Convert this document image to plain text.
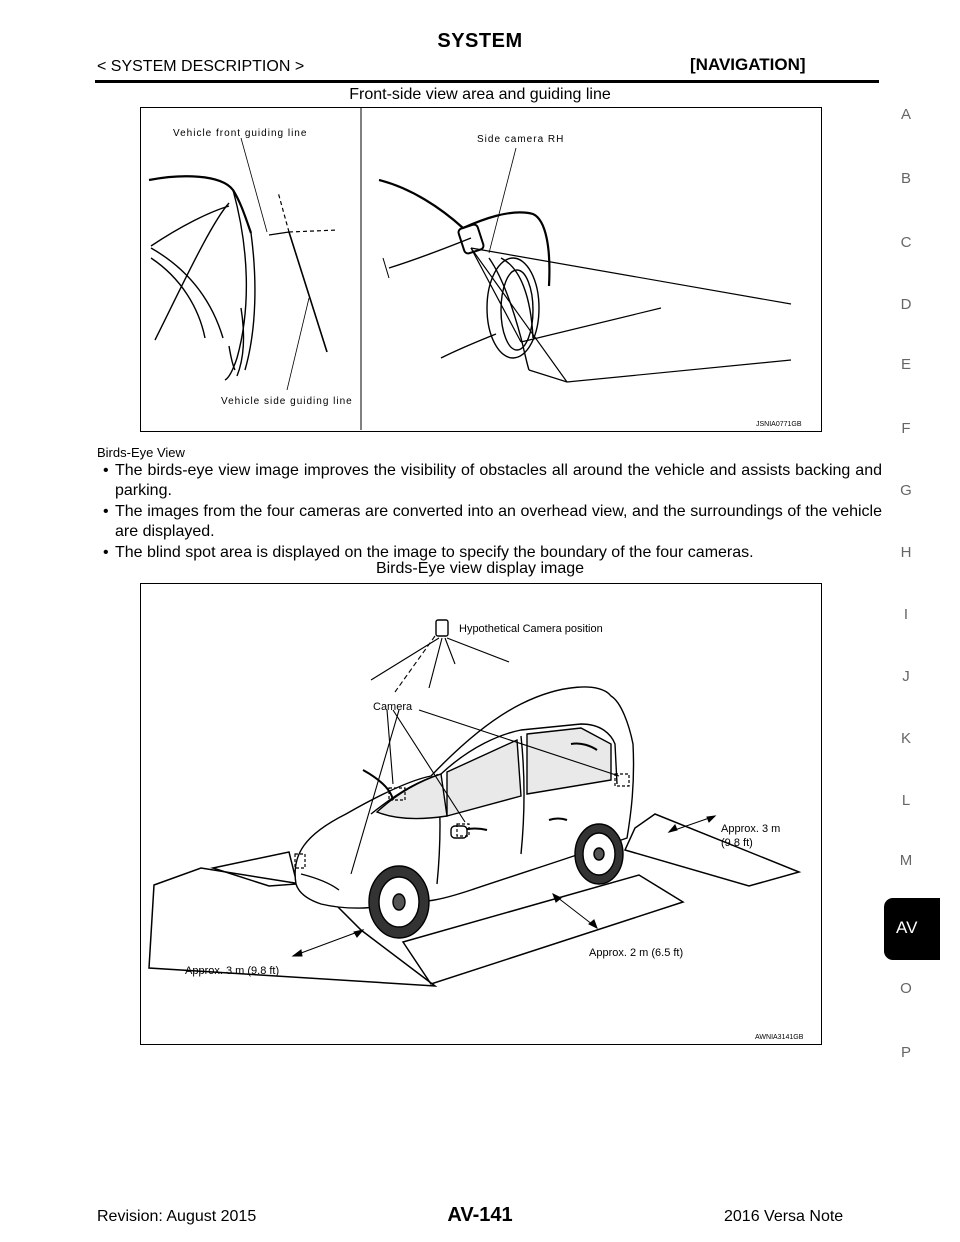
SYSTEM
< SYSTEM DESCRIPTION >	[NAVIGATION]
Front-side view area and guiding line
Vehicle front guiding line
Vehicle side guiding line
Side camera RH
JSNIA0771GB
Birds-Eye View
• The birds-eye view image improves the visibility of obstacles all around the vehicle and assists backing and parking.
• The images from the four cameras are converted into an overhead view, and the surroundings of the vehicle are displayed.
• The blind spot area is displayed on the image to specify the boundary of the four cameras.
Birds-Eye view display image
Hypothetical Camera position
Camera
Approx. 3 m
(9.8 ft)
Approx. 2 m (6.5 ft)
Approx. 3 m (9.8 ft)
AWNIA3141GB
A
B
C
D
E
F
G
H
I
J
K
L
M
AV
O
P
Revision: August 2015	AV-141	2016 Versa Note
